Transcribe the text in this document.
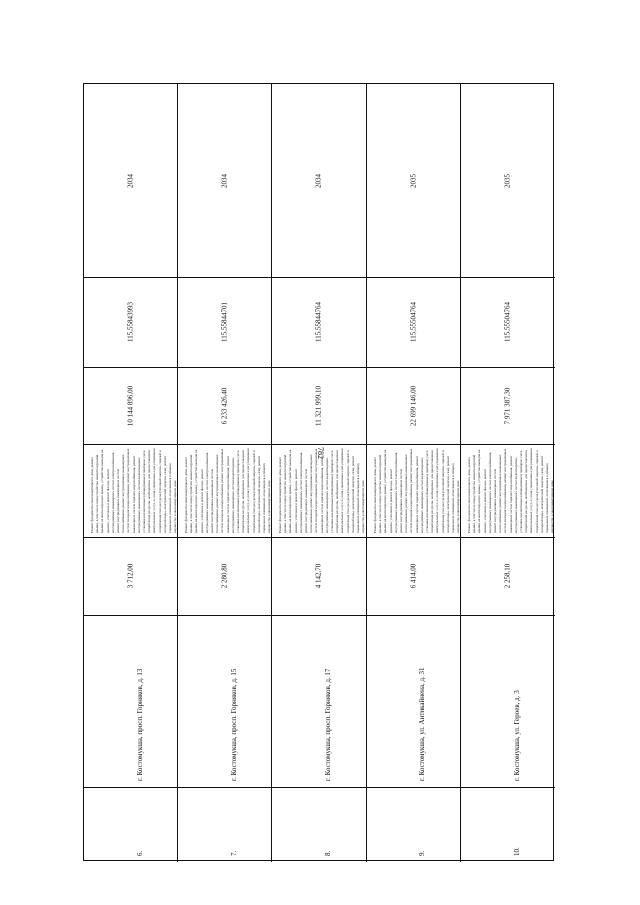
782
6.
г. Костомукша, просп. Горняков, д. 13
3 712,00
Ремонт фундамента многоквартирного дома, ремонт крыши, в том числе переустройство невентилируемой крыши на вентилируемую крышу, устройство выходов на кровлю, утепление и ремонт фасада, ремонт внутридомовых инженерных систем электроснабжения, ремонт внутридомовых инженерных систем теплоснабжения, ремонт внутридомовых инженерных систем холодного водоснабжения, ремонт внутридомовых инженерных систем горячего водоснабжения, ремонт внутридомовых инженерных систем водоотведения, установка коллективных (общедомовых) приборов учета потребления ресурсов, необходимых для предоставления коммунальных услуг, и узлов управления и регулирования потребления этих ресурсов (тепловой энергии, горячей и холодной воды, электрической энергии, газа), ремонт подвальных помещений, относящихся к общему имуществу в многоквартирном доме
10 144 896,00
115,55843993
2034
7.
г. Костомукша, просп. Горняков, д. 15
2 280,80
Ремонт фундамента многоквартирного дома, ремонт крыши, в том числе переустройство невентилируемой крыши на вентилируемую крышу, устройство выходов на кровлю, утепление и ремонт фасада, ремонт внутридомовых инженерных систем электроснабжения, ремонт внутридомовых инженерных систем теплоснабжения, ремонт внутридомовых инженерных систем холодного водоснабжения, ремонт внутридомовых инженерных систем горячего водоснабжения, ремонт внутридомовых инженерных систем водоотведения, установка коллективных (общедомовых) приборов учета потребления ресурсов, необходимых для предоставления коммунальных услуг, и узлов управления и регулирования потребления этих ресурсов (тепловой энергии, горячей и холодной воды, электрической энергии, газа), ремонт подвальных помещений, относящихся к общему имуществу в многоквартирном доме
6 233 426,40
115,55844701
2034
8.
г. Костомукша, просп. Горняков, д. 17
4 142,70
Ремонт фундамента многоквартирного дома, ремонт крыши, в том числе переустройство невентилируемой крыши на вентилируемую крышу, устройство выходов на кровлю, утепление и ремонт фасада, ремонт внутридомовых инженерных систем электроснабжения, ремонт внутридомовых инженерных систем теплоснабжения, ремонт внутридомовых инженерных систем холодного водоснабжения, ремонт внутридомовых инженерных систем горячего водоснабжения, ремонт внутридомовых инженерных систем водоотведения, установка коллективных (общедомовых) приборов учета потребления ресурсов, необходимых для предоставления коммунальных услуг, и узлов управления и регулирования потребления этих ресурсов (тепловой энергии, горячей и холодной воды, электрической энергии, газа), ремонт подвальных помещений, относящихся к общему имуществу в многоквартирном доме
11 321 999,10
115,55844764
2034
9.
г. Костомукша, ул. Антикайнена, д. 31
6 414,00
Ремонт фундамента многоквартирного дома, ремонт крыши, в том числе переустройство невентилируемой крыши на вентилируемую крышу, устройство выходов на кровлю, утепление и ремонт фасада, ремонт внутридомовых инженерных систем электроснабжения, ремонт внутридомовых инженерных систем теплоснабжения, ремонт внутридомовых инженерных систем холодного водоснабжения, ремонт внутридомовых инженерных систем горячего водоснабжения, ремонт внутридомовых инженерных систем водоотведения, установка коллективных (общедомовых) приборов учета потребления ресурсов, необходимых для предоставления коммунальных услуг, и узлов управления и регулирования потребления этих ресурсов (тепловой энергии, горячей и холодной воды, электрической энергии, газа), ремонт подвальных помещений, относящихся к общему имуществу в многоквартирном доме
22 699 146,00
115,55504764
2035
10.
г. Костомукша, ул. Героев, д. 3
2 258,10
Ремонт фундамента многоквартирного дома, ремонт крыши, в том числе переустройство невентилируемой крыши на вентилируемую крышу, устройство выходов на кровлю, утепление и ремонт фасада, ремонт внутридомовых инженерных систем электроснабжения, ремонт внутридомовых инженерных систем теплоснабжения, ремонт внутридомовых инженерных систем холодного водоснабжения, ремонт внутридомовых инженерных систем горячего водоснабжения, ремонт внутридомовых инженерных систем водоотведения, установка коллективных (общедомовых) приборов учета потребления ресурсов, необходимых для предоставления коммунальных услуг, и узлов управления и регулирования потребления этих ресурсов (тепловой энергии, горячей и холодной воды, электрической энергии, газа), ремонт подвальных помещений, относящихся к общему имуществу в многоквартирном доме
7 971 387,30
115,55504764
2035
